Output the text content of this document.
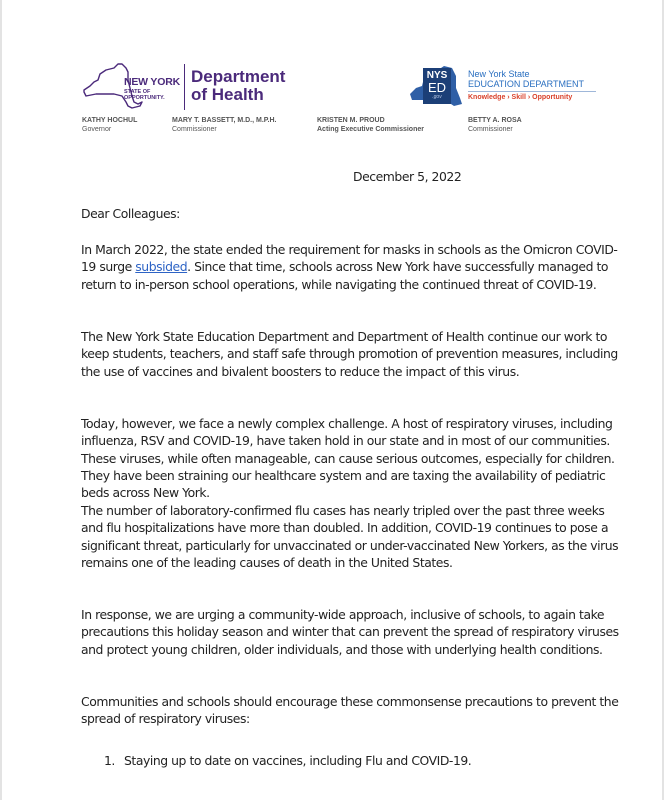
NEW YORK
STATE OF
OPPORTUNITY.
Department
of Health
NYS
ED
.gov
New York State
EDUCATION DEPARTMENT
Knowledge › Skill › Opportunity
KATHY HOCHUL
Governor
MARY T. BASSETT, M.D., M.P.H.
Commissioner
KRISTEN M. PROUD
Acting Executive Commissioner
BETTY A. ROSA
Commissioner
December 5, 2022

Dear Colleagues:

In March 2022, the state ended the requirement for masks in schools as the Omicron COVID-19 surge subsided. Since that time, schools across New York have successfully managed to return to in-person school operations, while navigating the continued threat of COVID-19.

The New York State Education Department and Department of Health continue our work to keep students, teachers, and staff safe through promotion of prevention measures, including the use of vaccines and bivalent boosters to reduce the impact of this virus.

Today, however, we face a newly complex challenge. A host of respiratory viruses, including influenza, RSV and COVID-19, have taken hold in our state and in most of our communities. These viruses, while often manageable, can cause serious outcomes, especially for children. They have been straining our healthcare system and are taxing the availability of pediatric beds across New York.

The number of laboratory-confirmed flu cases has nearly tripled over the past three weeks and flu hospitalizations have more than doubled. In addition, COVID-19 continues to pose a significant threat, particularly for unvaccinated or under-vaccinated New Yorkers, as the virus remains one of the leading causes of death in the United States.

In response, we are urging a community-wide approach, inclusive of schools, to again take precautions this holiday season and winter that can prevent the spread of respiratory viruses and protect young children, older individuals, and those with underlying health conditions.

Communities and schools should encourage these commonsense precautions to prevent the spread of respiratory viruses:

1. Staying up to date on vaccines, including Flu and COVID-19.
